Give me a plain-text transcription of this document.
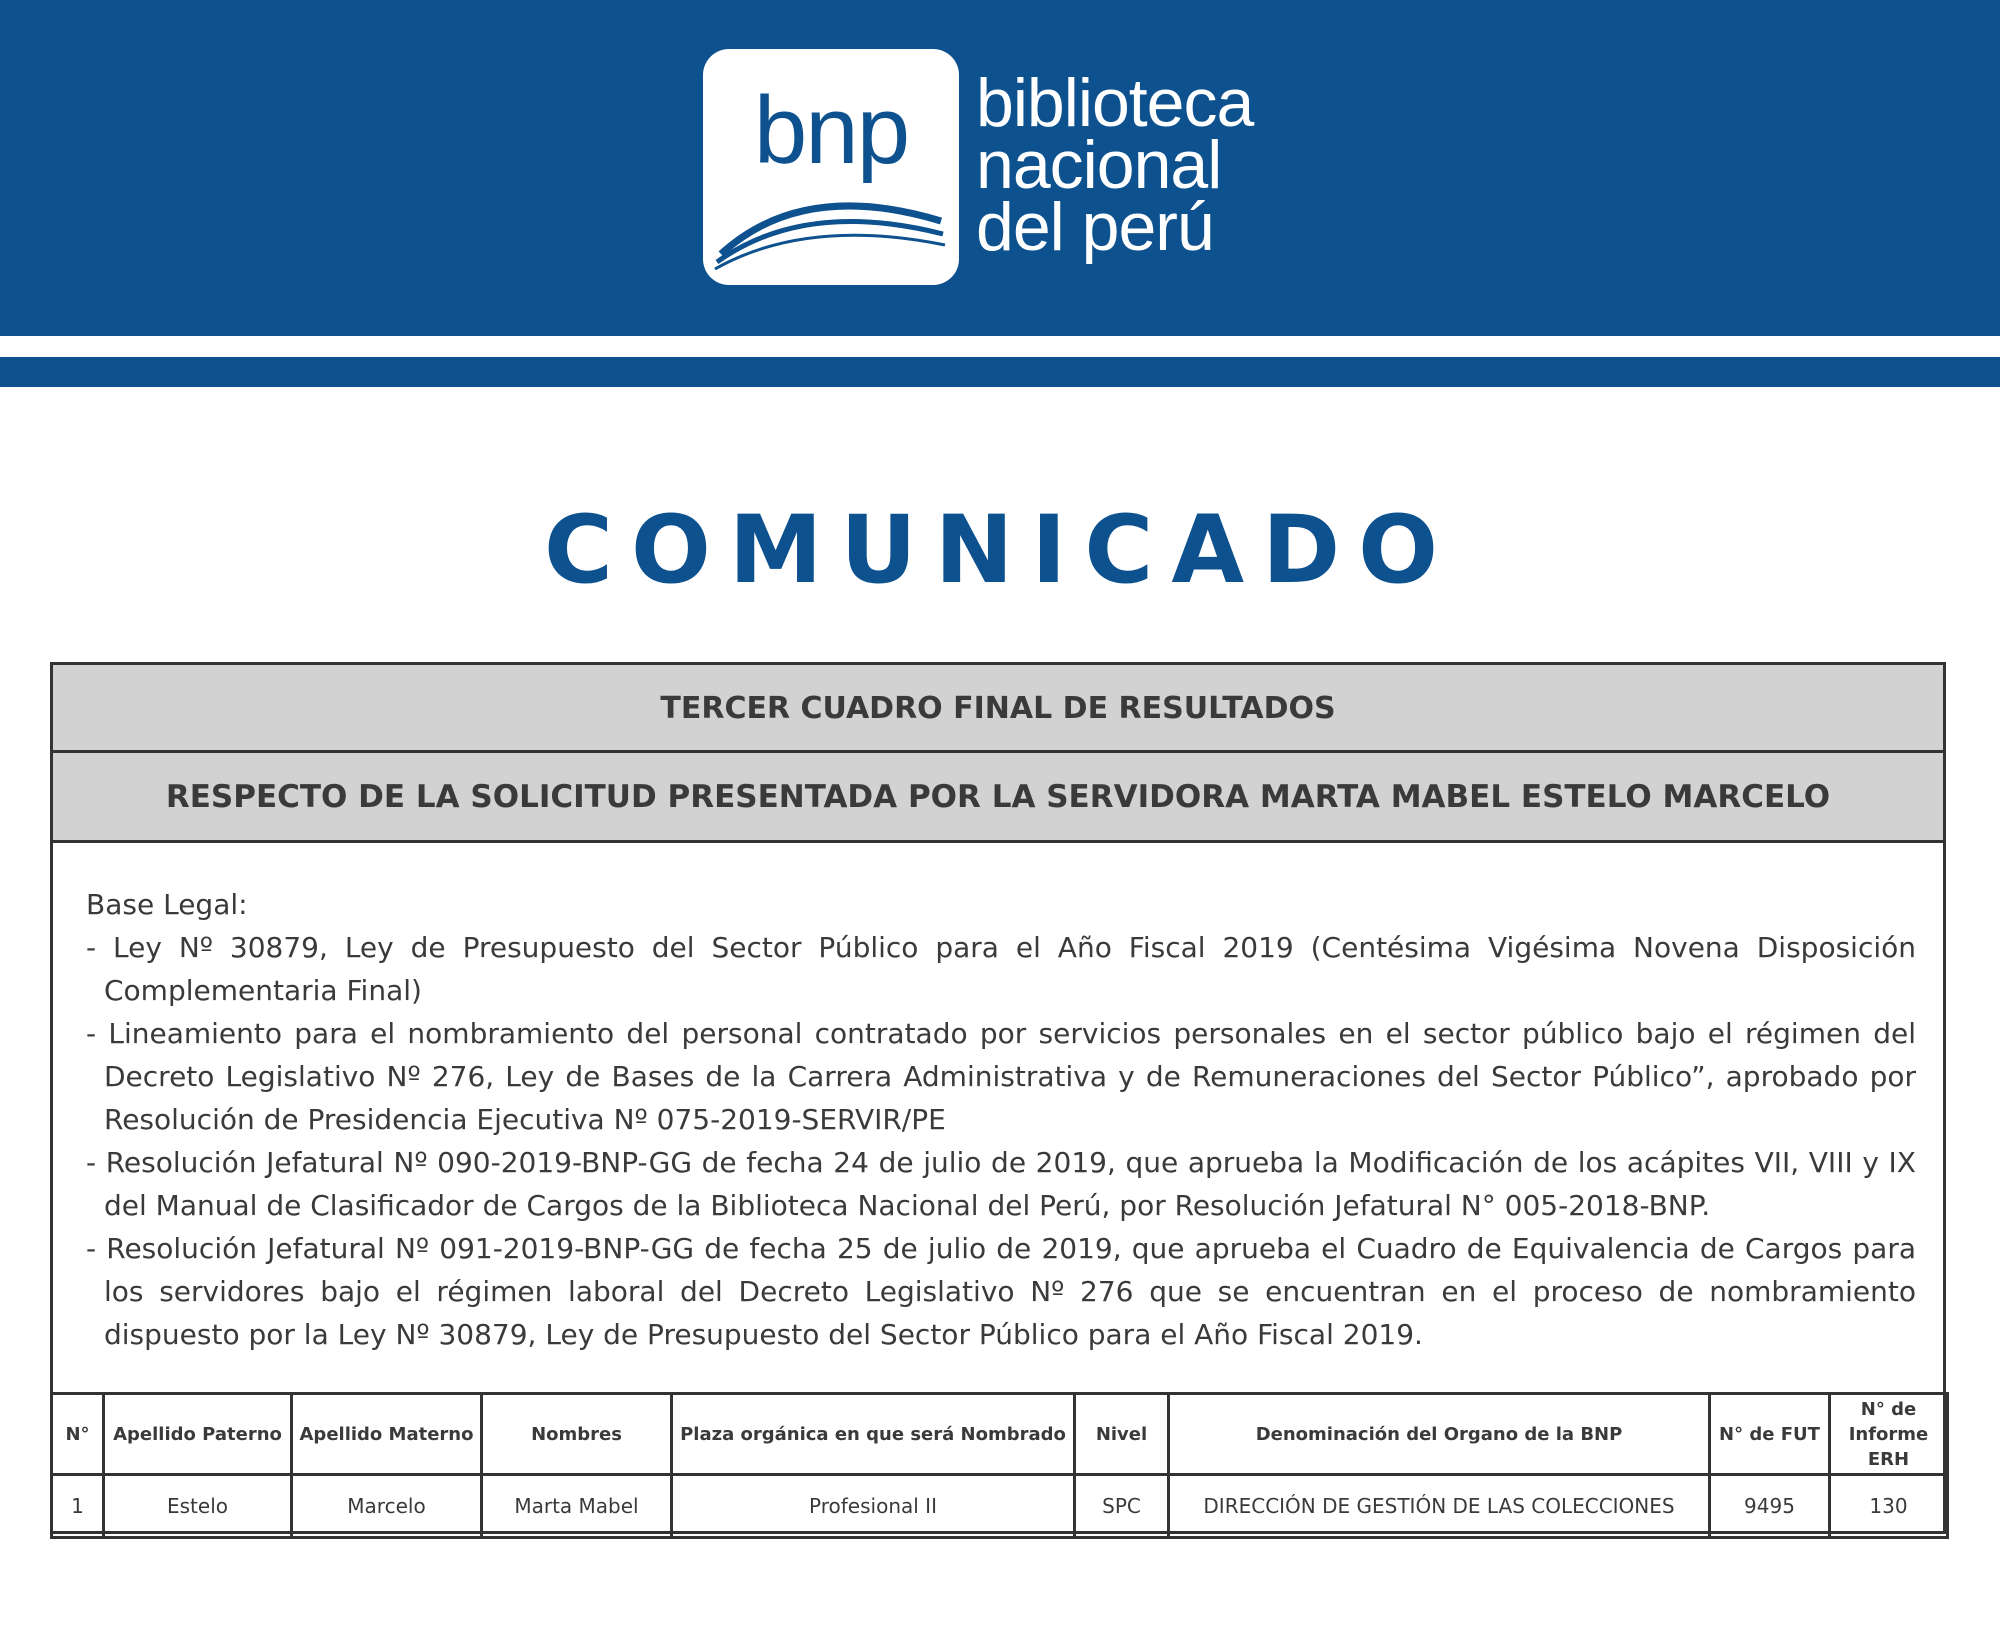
bnp biblioteca
nacional
del perú
COMUNICADO
TERCER CUADRO FINAL DE RESULTADOS
RESPECTO DE LA SOLICITUD PRESENTADA POR LA SERVIDORA MARTA MABEL ESTELO MARCELO
Base Legal:
- Ley Nº 30879, Ley de Presupuesto del Sector Público para el Año Fiscal 2019 (Centésima Vigésima Novena Disposición Complementaria Final)
- Lineamiento para el nombramiento del personal contratado por servicios personales en el sector público bajo el régimen del Decreto Legislativo Nº 276, Ley de Bases de la Carrera Administrativa y de Remuneraciones del Sector Público”, aprobado por Resolución de Presidencia Ejecutiva Nº 075-2019-SERVIR/PE
- Resolución Jefatural Nº 090-2019-BNP-GG de fecha 24 de julio de 2019, que aprueba la Modificación de los acápites VII, VIII y IX del Manual de Clasificador de Cargos de la Biblioteca Nacional del Perú, por Resolución Jefatural N° 005-2018-BNP.
- Resolución Jefatural Nº 091-2019-BNP-GG de fecha 25 de julio de 2019, que aprueba el Cuadro de Equivalencia de Cargos para los servidores bajo el régimen laboral del Decreto Legislativo Nº 276 que se encuentran en el proceso de nombramiento dispuesto por la Ley Nº 30879, Ley de Presupuesto del Sector Público para el Año Fiscal 2019.
N°	Apellido Paterno	Apellido Materno	Nombres	Plaza orgánica en que será Nombrado	Nivel	Denominación del Organo de la BNP	N° de FUT	N° de Informe ERH
1	Estelo	Marcelo	Marta Mabel	Profesional II	SPC	DIRECCIÓN DE GESTIÓN DE LAS COLECCIONES	9495	130
